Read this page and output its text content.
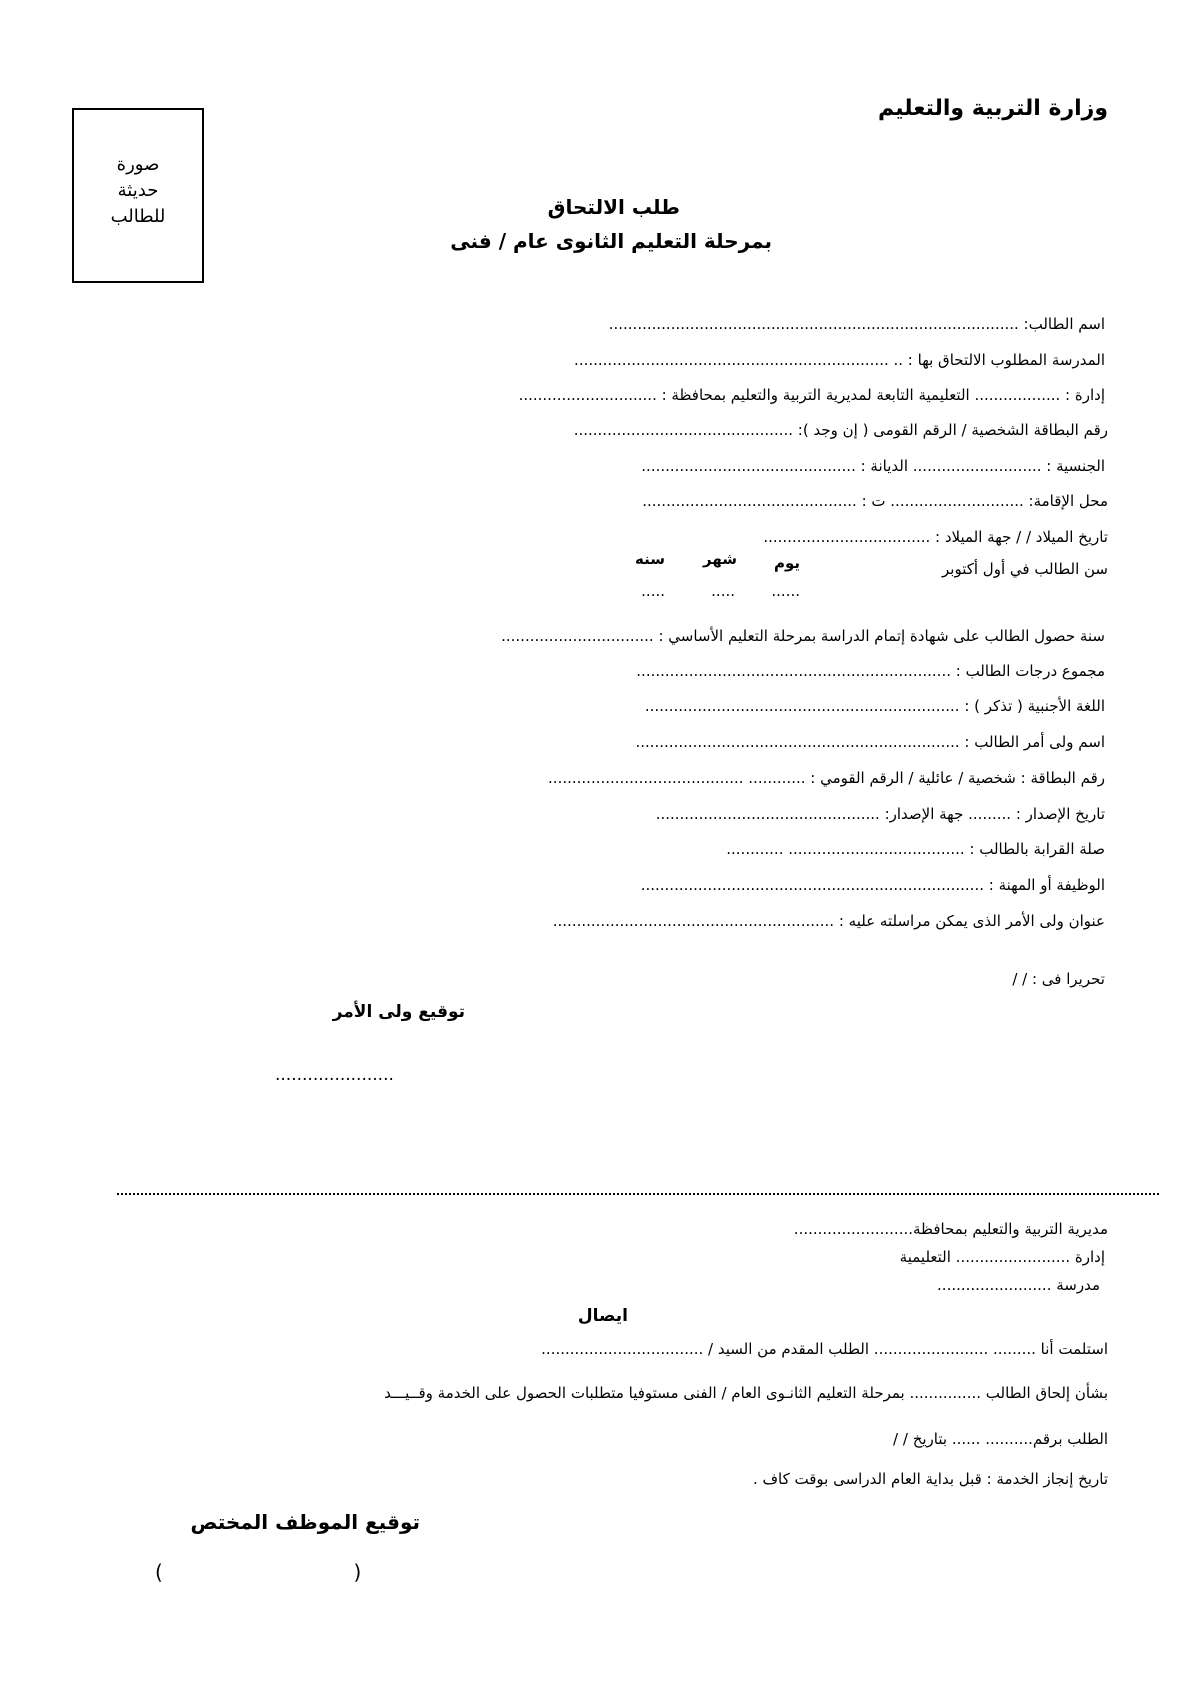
وزارة التربية والتعليم
صورة
حديثة
للطالب	طلب الالتحاق
بمرحلة التعليم الثانوى عام / فنى
اسم الطالب: ......................................................................................
المدرسة المطلوب الالتحاق بها : .. ..................................................................
إدارة : .................. التعليمية التابعة لمديرية التربية والتعليم بمحافظة : .............................
رقم البطاقة الشخصية / الرقم القومى ( إن وجد ): ..............................................
الجنسية : ........................... الديانة : .............................................
محل الإقامة: ............................ ت : .............................................
تاريخ الميلاد / / جهة الميلاد : ...................................
سن الطالب في أول أكتوبر
يوم
شهر
سنه
......
.....
.....
سنة حصول الطالب على شهادة إتمام الدراسة بمرحلة التعليم الأساسي : ................................
مجموع درجات الطالب : ..................................................................
اللغة الأجنبية ( تذكر ) : ..................................................................
اسم ولى أمر الطالب : ....................................................................
رقم البطاقة : شخصية / عائلية / الرقم القومي : ............ .........................................
تاريخ الإصدار : ......... جهة الإصدار: ...............................................
صلة القرابة بالطالب : ..................................... ............
الوظيفة أو المهنة : ........................................................................
عنوان ولى الأمر الذى يمكن مراسلته عليه : ...........................................................
تحريرا فى : / /
توقيع ولى الأمر
......................
مديرية التربية والتعليم بمحافظة.........................
إدارة ........................ التعليمية
مدرسة ........................
ايصال
استلمت أنا ......... ........................ الطلب المقدم من السيد / ..................................
بشأن إلحاق الطالب ............... بمرحلة التعليم الثانـوى العام / الفنى مستوفيا متطلبات الحصول على الخدمة وقــيـــد
الطلب برقم.......... ...... بتاريخ / /
تاريخ إنجاز الخدمة : قبل بداية العام الدراسى بوقت كاف .
توقيع الموظف المختص
(                              )
